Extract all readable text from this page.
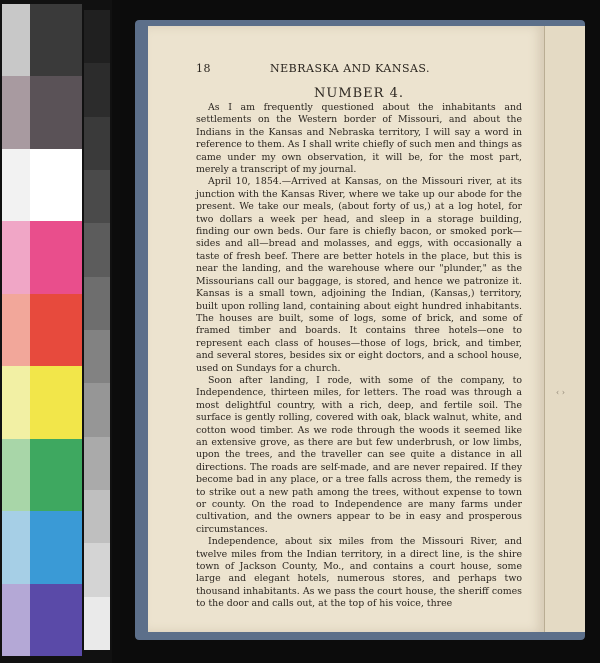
18	NEBRASKA AND KANSAS.
NUMBER 4.

As I am frequently questioned about the inhabitants and settlements on the Western border of Missouri, and about the Indians in the Kansas and Nebraska territory, I will say a word in reference to them. As I shall write chiefly of such men and things as came under my own observation, it will be, for the most part, merely a transcript of my journal.

April 10, 1854.—Arrived at Kansas, on the Missouri river, at its junction with the Kansas River, where we take up our abode for the present. We take our meals, (about forty of us,) at a log hotel, for two dollars a week per head, and sleep in a storage building, finding our own beds. Our fare is chiefly bacon, or smoked pork—sides and all—bread and molasses, and eggs, with occasionally a taste of fresh beef. There are better hotels in the place, but this is near the landing, and the warehouse where our "plunder," as the Missourians call our baggage, is stored, and hence we patronize it. Kansas is a small town, adjoining the Indian, (Kansas,) territory, built upon rolling land, containing about eight hundred inhabitants. The houses are built, some of logs, some of brick, and some of framed timber and boards. It contains three hotels—one to represent each class of houses—those of logs, brick, and timber, and several stores, besides six or eight doctors, and a school house, used on Sundays for a church.

Soon after landing, I rode, with some of the company, to Independence, thirteen miles, for letters. The road was through a most delightful country, with a rich, deep, and fertile soil. The surface is gently rolling, covered with oak, black walnut, white, and cotton wood timber. As we rode through the woods it seemed like an extensive grove, as there are but few underbrush, or low limbs, upon the trees, and the traveller can see quite a distance in all directions. The roads are self-made, and are never repaired. If they become bad in any place, or a tree falls across them, the remedy is to strike out a new path among the trees, without expense to town or county. On the road to Independence are many farms under cultivation, and the owners appear to be in easy and prosperous circumstances.

Independence, about six miles from the Missouri River, and twelve miles from the Indian territory, in a direct line, is the shire town of Jackson County, Mo., and contains a court house, some large and elegant hotels, numerous stores, and perhaps two thousand inhabitants. As we pass the court house, the sheriff comes to the door and calls out, at the top of his voice, three

‹ ›
